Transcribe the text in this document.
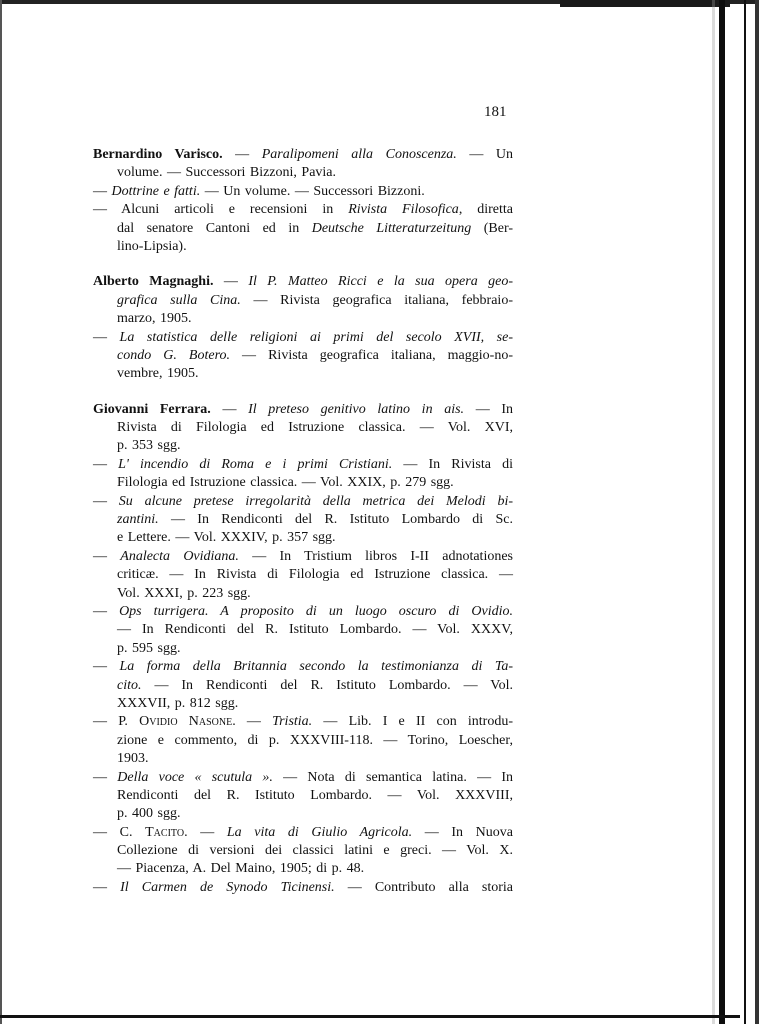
181
Bernardino Varisco. — Paralipomeni alla Conoscenza. — Un
volume. — Successori Bizzoni, Pavia.
— Dottrine e fatti. — Un volume. — Successori Bizzoni.
— Alcuni articoli e recensioni in Rivista Filosofica, diretta
dal senatore Cantoni ed in Deutsche Litteraturzeitung (Ber-
lino-Lipsia).
Alberto Magnaghi. — Il P. Matteo Ricci e la sua opera geo-
grafica sulla Cina. — Rivista geografica italiana, febbraio-
marzo, 1905.
— La statistica delle religioni ai primi del secolo XVII, se-
condo G. Botero. — Rivista geografica italiana, maggio-no-
vembre, 1905.
Giovanni Ferrara. — Il preteso genitivo latino in ais. — In
Rivista di Filologia ed Istruzione classica. — Vol. XVI,
p. 353 sgg.
— L' incendio di Roma e i primi Cristiani. — In Rivista di
Filologia ed Istruzione classica. — Vol. XXIX, p. 279 sgg.
— Su alcune pretese irregolarità della metrica dei Melodi bi-
zantini. — In Rendiconti del R. Istituto Lombardo di Sc.
e Lettere. — Vol. XXXIV, p. 357 sgg.
— Analecta Ovidiana. — In Tristium libros I-II adnotationes
criticæ. — In Rivista di Filologia ed Istruzione classica. —
Vol. XXXI, p. 223 sgg.
— Ops turrigera. A proposito di un luogo oscuro di Ovidio.
— In Rendiconti del R. Istituto Lombardo. — Vol. XXXV,
p. 595 sgg.
— La forma della Britannia secondo la testimonianza di Ta-
cito. — In Rendiconti del R. Istituto Lombardo. — Vol.
XXXVII, p. 812 sgg.
— P. Ovidio Nasone. — Tristia. — Lib. I e II con introdu-
zione e commento, di p. XXXVIII-118. — Torino, Loescher,
1903.
— Della voce « scutula ». — Nota di semantica latina. — In
Rendiconti del R. Istituto Lombardo. — Vol. XXXVIII,
p. 400 sgg.
— C. Tacito. — La vita di Giulio Agricola. — In Nuova
Collezione di versioni dei classici latini e greci. — Vol. X.
— Piacenza, A. Del Maino, 1905; di p. 48.
— Il Carmen de Synodo Ticinensi. — Contributo alla storia
